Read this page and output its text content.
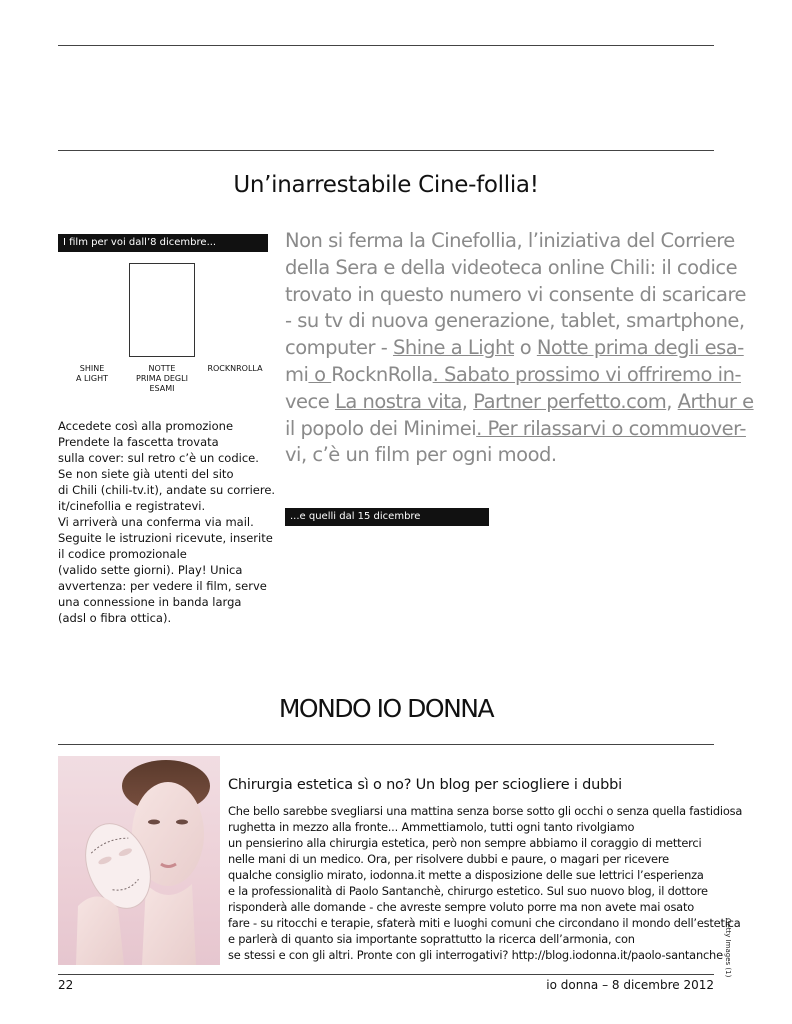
Un’inarrestabile Cine-follia!
I film per voi dall’8 dicembre...
SHINE
A LIGHT
NOTTE
PRIMA DEGLI
ESAMI
ROCKNROLLA
Accedete così alla promozione
Prendete la fascetta trovata
sulla cover: sul retro c’è un codice.
Se non siete già utenti del sito
di Chili (chili-tv.it), andate su corriere.
it/cinefollia e registratevi.
Vi arriverà una conferma via mail.
Seguite le istruzioni ricevute, inserite
il codice promozionale
(valido sette giorni). Play! Unica
avvertenza: per vedere il film, serve
una connessione in banda larga
(adsl o fibra ottica).
Non si ferma la Cinefollia, l’iniziativa del Corriere
della Sera e della videoteca online Chili: il codice
trovato in questo numero vi consente di scaricare
- su tv di nuova generazione, tablet, smartphone,
computer - Shine a Light o Notte prima degli esa-
mi o RocknRolla. Sabato prossimo vi offriremo in-
vece La nostra vita, Partner perfetto.com, Arthur e
il popolo dei Minimei. Per rilassarvi o commuover-
vi, c’è un film per ogni mood.
...e quelli dal 15 dicembre
MONDO IO DONNA
Chirurgia estetica sì o no? Un blog per sciogliere i dubbi
Che bello sarebbe svegliarsi una mattina senza borse sotto gli occhi o senza quella fastidiosa
rughetta in mezzo alla fronte... Ammettiamolo, tutti ogni tanto rivolgiamo
un pensierino alla chirurgia estetica, però non sempre abbiamo il coraggio di metterci
nelle mani di un medico. Ora, per risolvere dubbi e paure, o magari per ricevere
qualche consiglio mirato, iodonna.it mette a disposizione delle sue lettrici l’esperienza
e la professionalità di Paolo Santanchè, chirurgo estetico. Sul suo nuovo blog, il dottore
risponderà alle domande - che avreste sempre voluto porre ma non avete mai osato
fare - su ritocchi e terapie, sfaterà miti e luoghi comuni che circondano il mondo dell’estetica
e parlerà di quanto sia importante soprattutto la ricerca dell’armonia, con
se stessi e con gli altri. Pronte con gli interrogativi? http://blog.iodonna.it/paolo-santanche Getty Images (1)
22	io donna – 8 dicembre 2012
